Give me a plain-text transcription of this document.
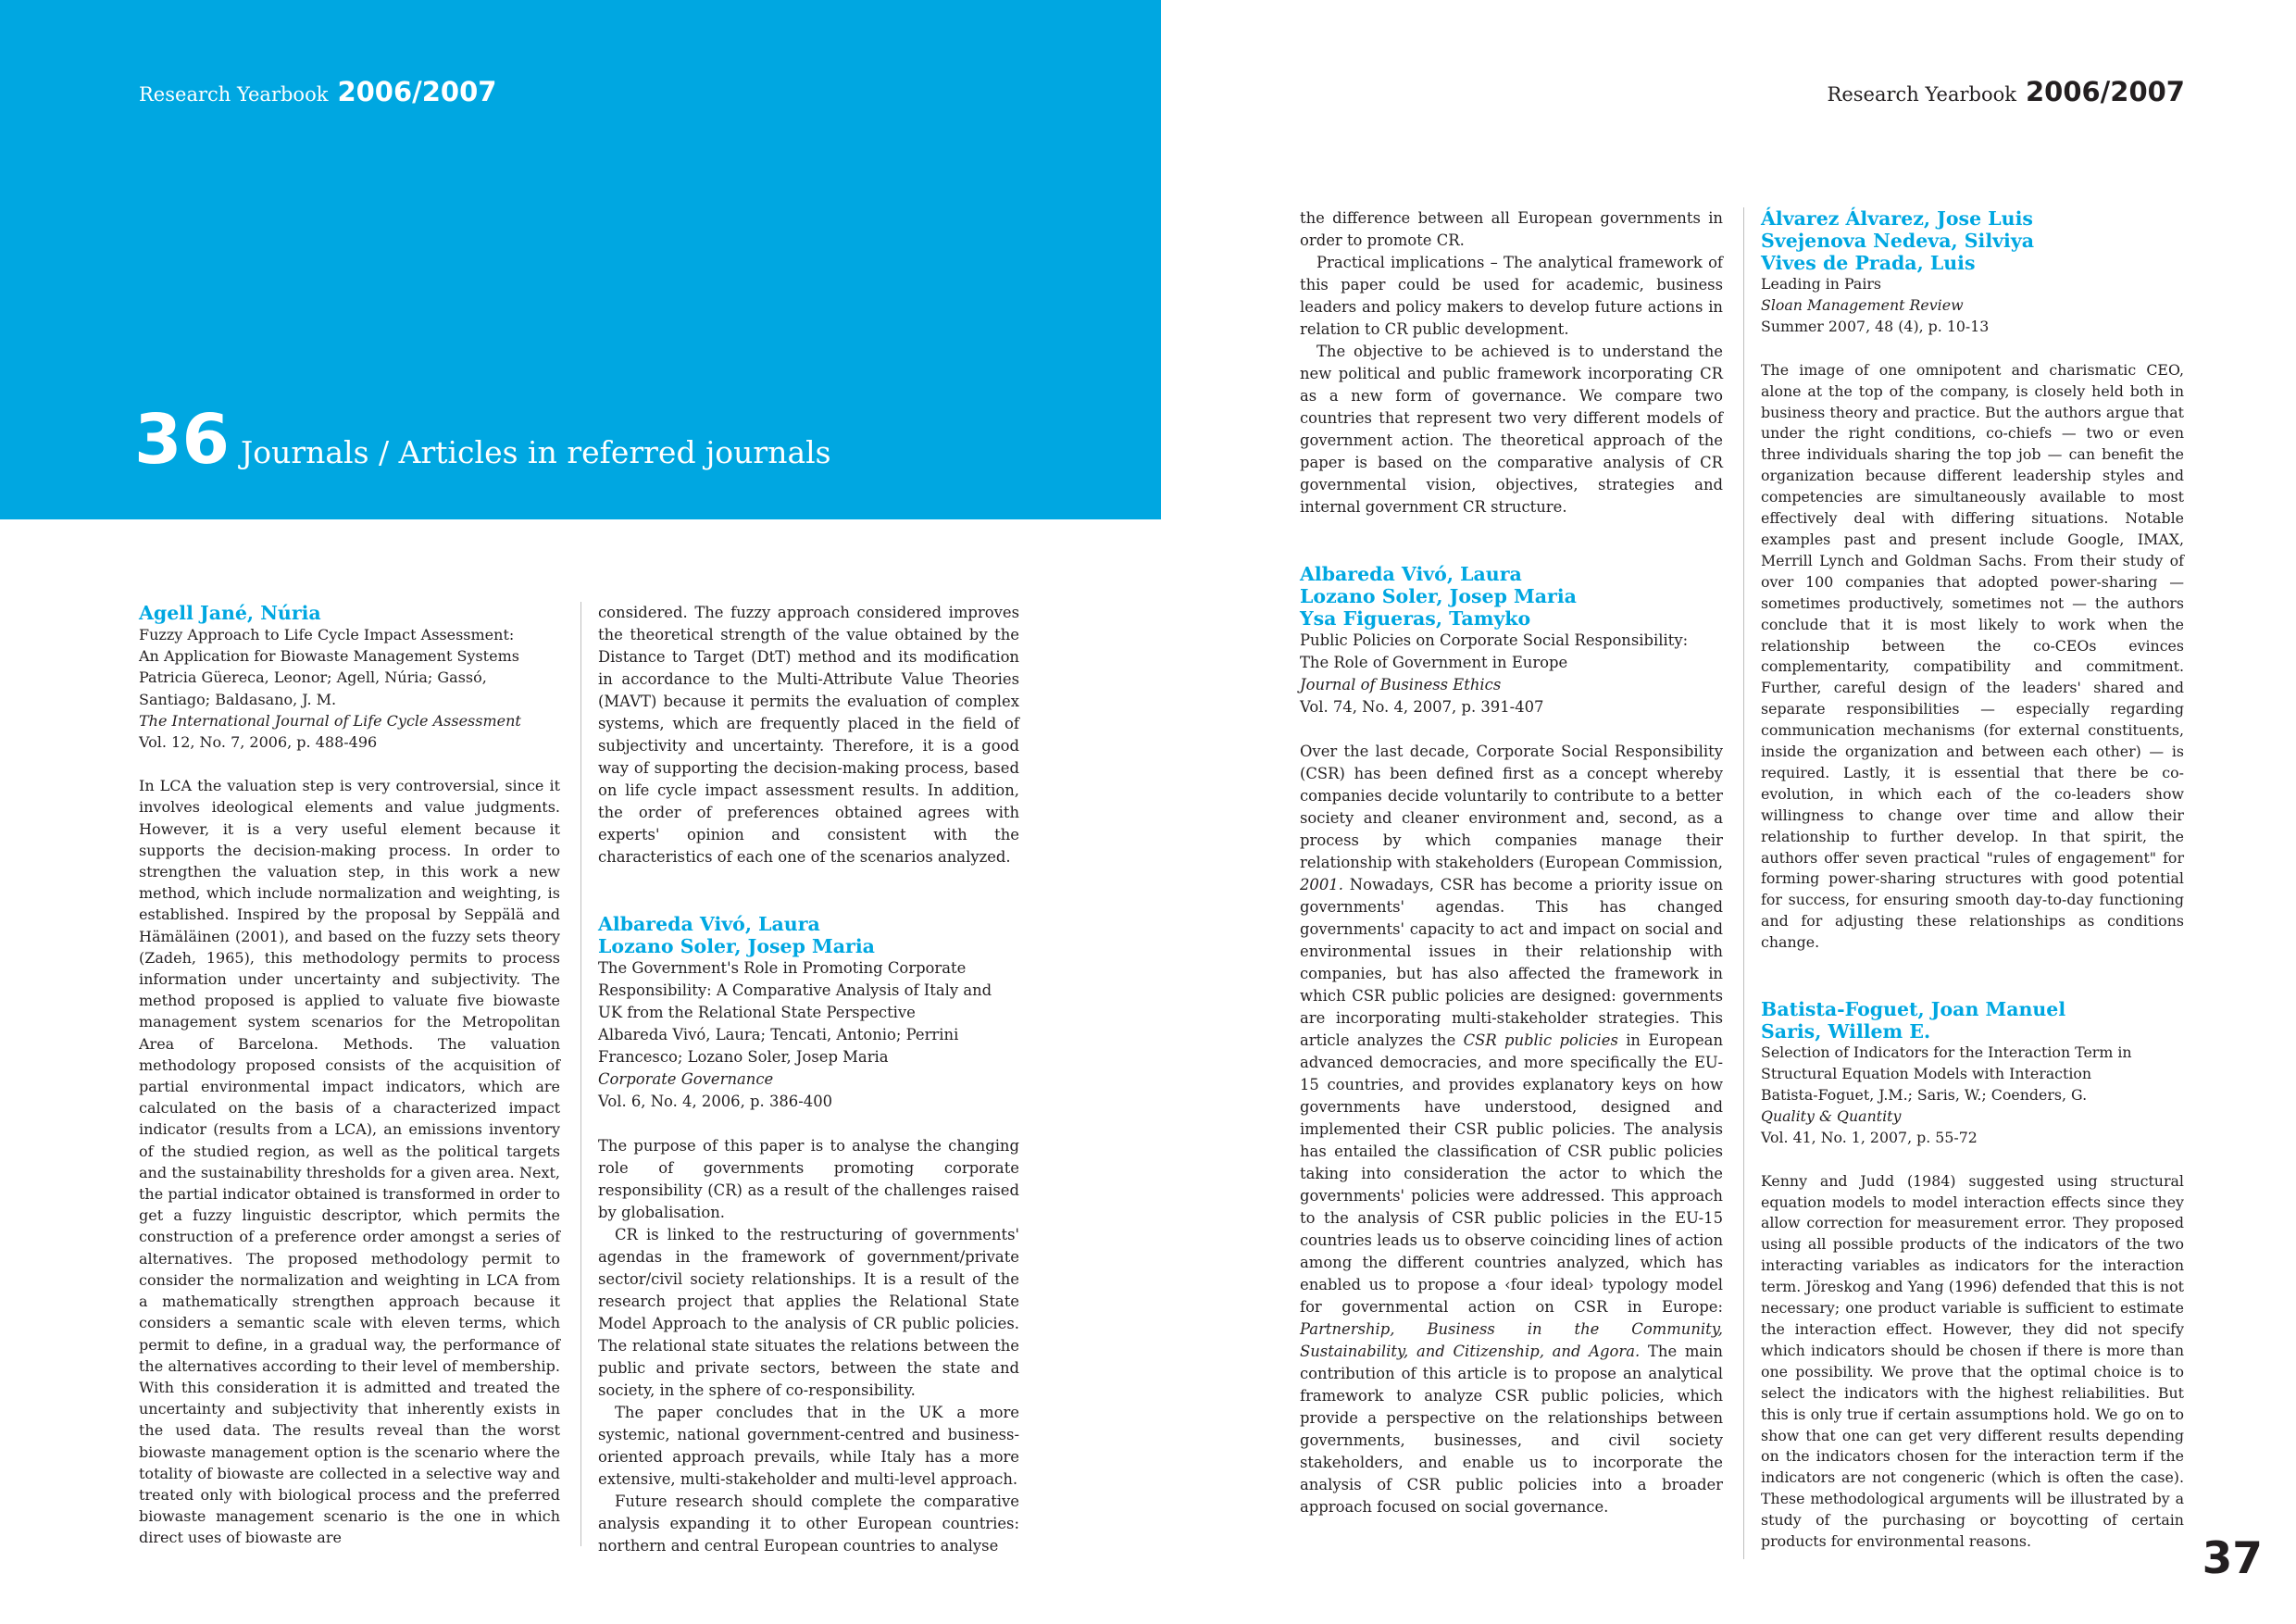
Research Yearbook 2006/2007	Research Yearbook 2006/2007
36 Journals / Articles in referred journals
Agell Jané, Núria
Fuzzy Approach to Life Cycle Impact Assessment:
An Application for Biowaste Management Systems
Patricia Güereca, Leonor; Agell, Núria; Gassó,
Santiago; Baldasano, J. M.
The International Journal of Life Cycle Assessment
Vol. 12, No. 7, 2006, p. 488-496

In LCA the valuation step is very controversial, since it involves ideological elements and value judgments. However, it is a very useful element because it supports the decision-making process. In order to strengthen the valuation step, in this work a new method, which include normalization and weighting, is established. Inspired by the proposal by Seppälä and Hämäläinen (2001), and based on the fuzzy sets theory (Zadeh, 1965), this methodology permits to process information under uncertainty and subjectivity. The method proposed is applied to valuate five biowaste management system scenarios for the Metropolitan Area of Barcelona. Methods. The valuation methodology proposed consists of the acquisition of partial environmental impact indicators, which are calculated on the basis of a characterized impact indicator (results from a LCA), an emissions inventory of the studied region, as well as the political targets and the sustainability thresholds for a given area. Next, the partial indicator obtained is transformed in order to get a fuzzy linguistic descriptor, which permits the construction of a preference order amongst a series of alternatives. The proposed methodology permit to consider the normalization and weighting in LCA from a mathematically strengthen approach because it considers a semantic scale with eleven terms, which permit to define, in a gradual way, the performance of the alternatives according to their level of membership. With this consideration it is admitted and treated the uncertainty and subjectivity that inherently exists in the used data. The results reveal than the worst biowaste management option is the scenario where the totality of biowaste are collected in a selective way and treated only with biological process and the preferred biowaste management scenario is the one in which direct uses of biowaste are

considered. The fuzzy approach considered improves the theoretical strength of the value obtained by the Distance to Target (DtT) method and its modification in accordance to the Multi-Attribute Value Theories (MAVT) because it permits the evaluation of complex systems, which are frequently placed in the field of subjectivity and uncertainty. Therefore, it is a good way of supporting the decision-making process, based on life cycle impact assessment results. In addition, the order of preferences obtained agrees with experts' opinion and consistent with the characteristics of each one of the scenarios analyzed.

Albareda Vivó, Laura
Lozano Soler, Josep Maria
The Government's Role in Promoting Corporate
Responsibility: A Comparative Analysis of Italy and
UK from the Relational State Perspective
Albareda Vivó, Laura; Tencati, Antonio; Perrini
Francesco; Lozano Soler, Josep Maria
Corporate Governance
Vol. 6, No. 4, 2006, p. 386-400

The purpose of this paper is to analyse the changing role of governments promoting corporate responsibility (CR) as a result of the challenges raised by globalisation.

CR is linked to the restructuring of governments' agendas in the framework of government/private sector/civil society relationships. It is a result of the research project that applies the Relational State Model Approach to the analysis of CR public policies. The relational state situates the relations between the public and private sectors, between the state and society, in the sphere of co-responsibility.

The paper concludes that in the UK a more systemic, national government-centred and business-oriented approach prevails, while Italy has a more extensive, multi-stakeholder and multi-level approach.

Future research should complete the comparative analysis expanding it to other European countries: northern and central European countries to analyse

the difference between all European governments in order to promote CR.

Practical implications – The analytical framework of this paper could be used for academic, business leaders and policy makers to develop future actions in relation to CR public development.

The objective to be achieved is to understand the new political and public framework incorporating CR as a new form of governance. We compare two countries that represent two very different models of government action. The theoretical approach of the paper is based on the comparative analysis of CR governmental vision, objectives, strategies and internal government CR structure.

Albareda Vivó, Laura
Lozano Soler, Josep Maria
Ysa Figueras, Tamyko
Public Policies on Corporate Social Responsibility:
The Role of Government in Europe
Journal of Business Ethics
Vol. 74, No. 4, 2007, p. 391-407

Over the last decade, Corporate Social Responsibility (CSR) has been defined first as a concept whereby companies decide voluntarily to contribute to a better society and cleaner environment and, second, as a process by which companies manage their relationship with stakeholders (European Commission, 2001. Nowadays, CSR has become a priority issue on governments' agendas. This has changed governments' capacity to act and impact on social and environmental issues in their relationship with companies, but has also affected the framework in which CSR public policies are designed: governments are incorporating multi-stakeholder strategies. This article analyzes the CSR public policies in European advanced democracies, and more specifically the EU-15 countries, and provides explanatory keys on how governments have understood, designed and implemented their CSR public policies. The analysis has entailed the classification of CSR public policies taking into consideration the actor to which the governments' policies were addressed. This approach to the analysis of CSR public policies in the EU-15 countries leads us to observe coinciding lines of action among the different countries analyzed, which has enabled us to propose a ‹four ideal› typology model for governmental action on CSR in Europe: Partnership, Business in the Community, Sustainability, and Citizenship, and Agora. The main contribution of this article is to propose an analytical framework to analyze CSR public policies, which provide a perspective on the relationships between governments, businesses, and civil society stakeholders, and enable us to incorporate the analysis of CSR public policies into a broader approach focused on social governance.

Álvarez Álvarez, Jose Luis
Svejenova Nedeva, Silviya
Vives de Prada, Luis
Leading in Pairs
Sloan Management Review
Summer 2007, 48 (4), p. 10-13

The image of one omnipotent and charismatic CEO, alone at the top of the company, is closely held both in business theory and practice. But the authors argue that under the right conditions, co-chiefs — two or even three individuals sharing the top job — can benefit the organization because different leadership styles and competencies are simultaneously available to most effectively deal with differing situations. Notable examples past and present include Google, IMAX, Merrill Lynch and Goldman Sachs. From their study of over 100 companies that adopted power-sharing — sometimes productively, sometimes not — the authors conclude that it is most likely to work when the relationship between the co-CEOs evinces complementarity, compatibility and commitment. Further, careful design of the leaders' shared and separate responsibilities — especially regarding communication mechanisms (for external constituents, inside the organization and between each other) — is required. Lastly, it is essential that there be co-evolution, in which each of the co-leaders show willingness to change over time and allow their relationship to further develop. In that spirit, the authors offer seven practical "rules of engagement" for forming power-sharing structures with good potential for success, for ensuring smooth day-to-day functioning and for adjusting these relationships as conditions change.

Batista-Foguet, Joan Manuel
Saris, Willem E.
Selection of Indicators for the Interaction Term in
Structural Equation Models with Interaction
Batista-Foguet, J.M.; Saris, W.; Coenders, G.
Quality & Quantity
Vol. 41, No. 1, 2007, p. 55-72

Kenny and Judd (1984) suggested using structural equation models to model interaction effects since they allow correction for measurement error. They proposed using all possible products of the indicators of the two interacting variables as indicators for the interaction term. Jöreskog and Yang (1996) defended that this is not necessary; one product variable is sufficient to estimate the interaction effect. However, they did not specify which indicators should be chosen if there is more than one possibility. We prove that the optimal choice is to select the indicators with the highest reliabilities. But this is only true if certain assumptions hold. We go on to show that one can get very different results depending on the indicators chosen for the interaction term if the indicators are not congeneric (which is often the case). These methodological arguments will be illustrated by a study of the purchasing or boycotting of certain products for environmental reasons.	37
